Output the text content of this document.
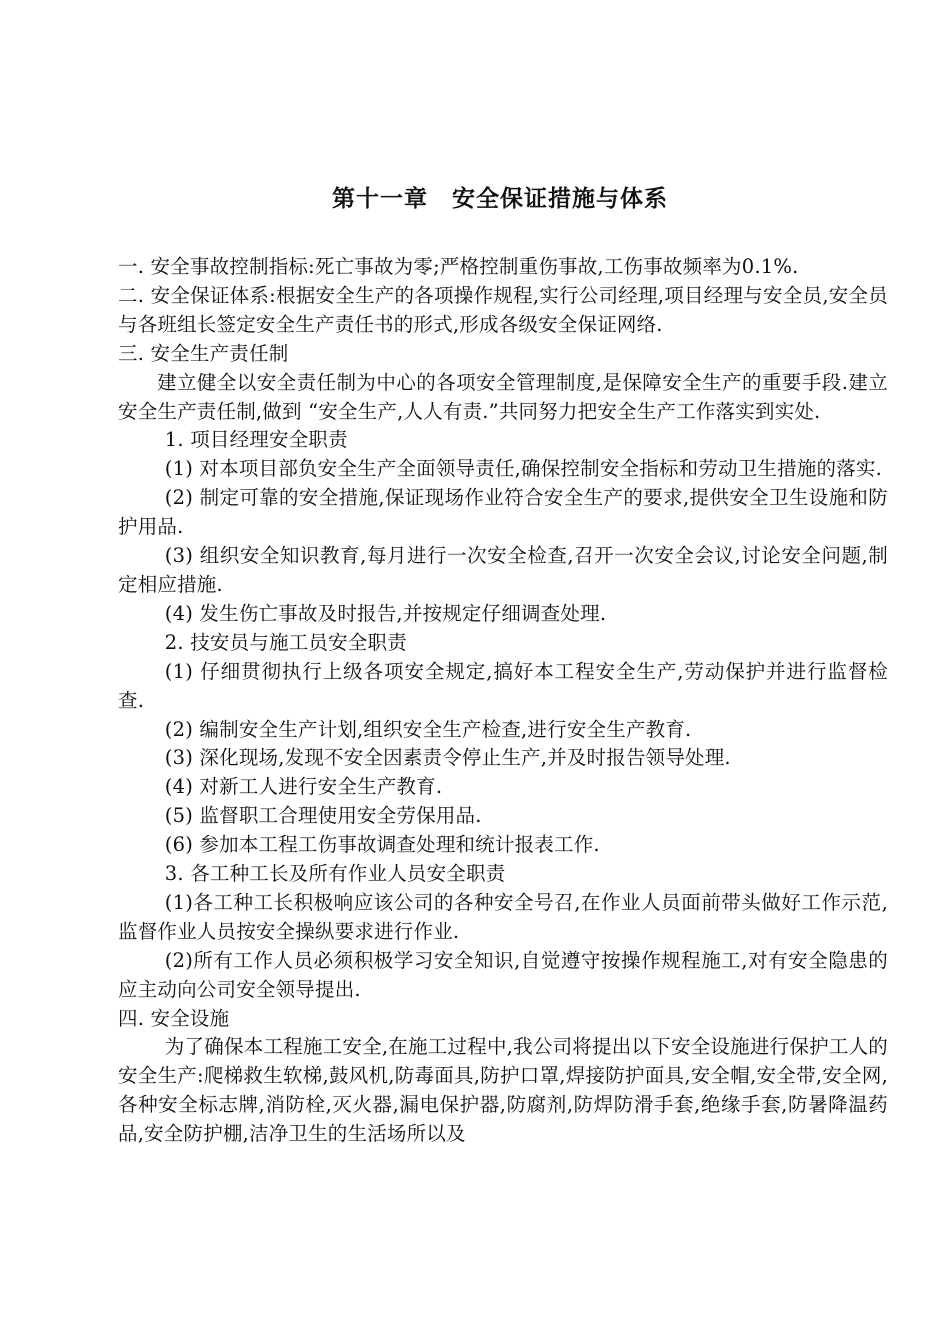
第十一章　安全保证措施与体系

一. 安全事故控制指标:死亡事故为零;严格控制重伤事故,工伤事故频率为0.1%.

二. 安全保证体系:根据安全生产的各项操作规程,实行公司经理,项目经理与安全员,安全员与各班组长签定安全生产责任书的形式,形成各级安全保证网络.

三. 安全生产责任制

建立健全以安全责任制为中心的各项安全管理制度,是保障安全生产的重要手段.建立安全生产责任制,做到 “安全生产,人人有责.”共同努力把安全生产工作落实到实处.

1. 项目经理安全职责

(1) 对本项目部负安全生产全面领导责任,确保控制安全指标和劳动卫生措施的落实.

(2) 制定可靠的安全措施,保证现场作业符合安全生产的要求,提供安全卫生设施和防护用品.

(3) 组织安全知识教育,每月进行一次安全检查,召开一次安全会议,讨论安全问题,制定相应措施.

(4) 发生伤亡事故及时报告,并按规定仔细调查处理.

2. 技安员与施工员安全职责

(1) 仔细贯彻执行上级各项安全规定,搞好本工程安全生产,劳动保护并进行监督检查.

(2) 编制安全生产计划,组织安全生产检查,进行安全生产教育.

(3) 深化现场,发现不安全因素责令停止生产,并及时报告领导处理.

(4) 对新工人进行安全生产教育.

(5) 监督职工合理使用安全劳保用品.

(6) 参加本工程工伤事故调查处理和统计报表工作.

3. 各工种工长及所有作业人员安全职责

(1)各工种工长积极响应该公司的各种安全号召,在作业人员面前带头做好工作示范,监督作业人员按安全操纵要求进行作业.

(2)所有工作人员必须积极学习安全知识,自觉遵守按操作规程施工,对有安全隐患的应主动向公司安全领导提出.

四. 安全设施

为了确保本工程施工安全,在施工过程中,我公司将提出以下安全设施进行保护工人的安全生产:爬梯救生软梯,鼓风机,防毒面具,防护口罩,焊接防护面具,安全帽,安全带,安全网,各种安全标志牌,消防栓,灭火器,漏电保护器,防腐剂,防焊防滑手套,绝缘手套,防暑降温药品,安全防护棚,洁净卫生的生活场所以及
